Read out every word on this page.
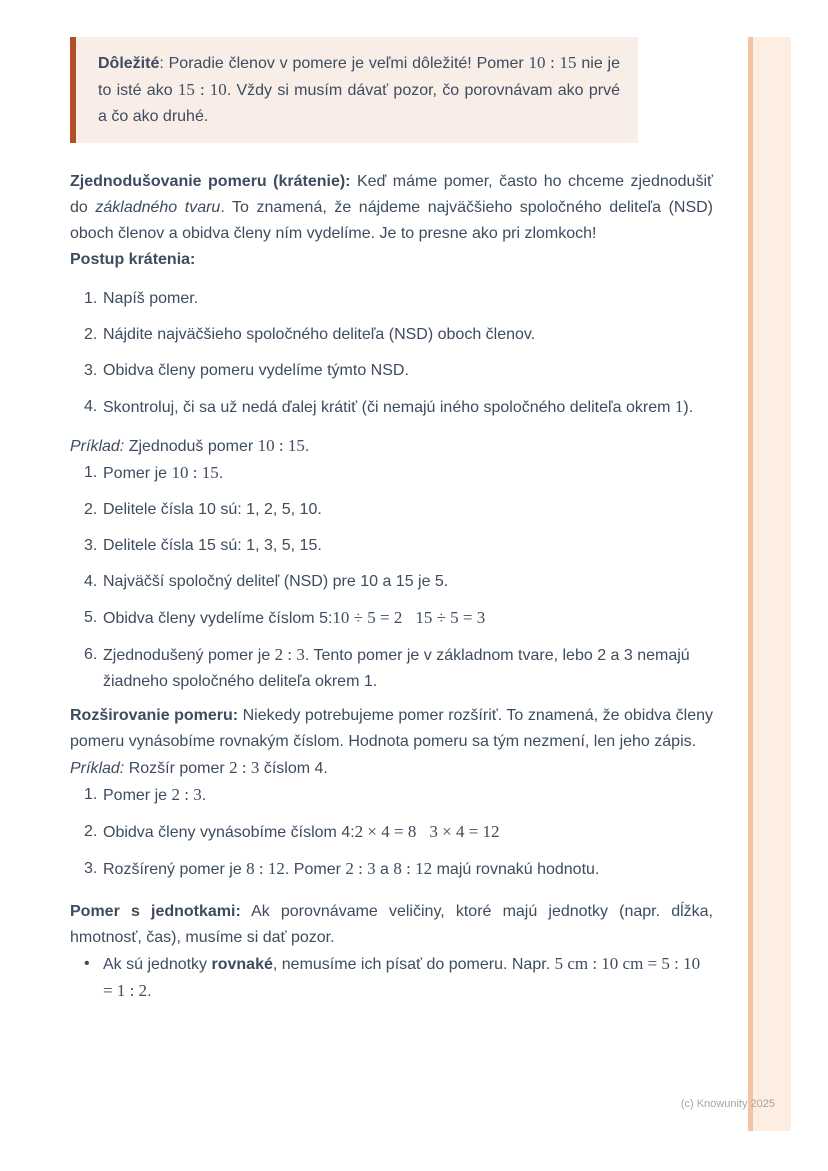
Dôležité: Poradie členov v pomere je veľmi dôležité! Pomer 10 : 15 nie je to isté ako 15 : 10. Vždy si musím dávať pozor, čo porovnávam ako prvé a čo ako druhé.

Zjednodušovanie pomeru (krátenie): Keď máme pomer, často ho chceme zjednodušiť do základného tvaru. To znamená, že nájdeme najväčšieho spoločného deliteľa (NSD) oboch členov a obidva členy ním vydelíme. Je to presne ako pri zlomkoch!

Postup krátenia:

1. Napíš pomer.
2. Nájdite najväčšieho spoločného deliteľa (NSD) oboch členov.
3. Obidva členy pomeru vydelíme týmto NSD.
4. Skontroluj, či sa už nedá ďalej krátiť (či nemajú iného spoločného deliteľa okrem 1).

Príklad: Zjednoduš pomer 10 : 15.

1. Pomer je 10 : 15.
2. Delitele čísla 10 sú: 1, 2, 5, 10.
3. Delitele čísla 15 sú: 1, 3, 5, 15.
4. Najväčší spoločný deliteľ (NSD) pre 10 a 15 je 5.
5. Obidva členy vydelíme číslom 5:10 ÷ 5 = 2 15 ÷ 5 = 3
6. Zjednodušený pomer je 2 : 3. Tento pomer je v základnom tvare, lebo 2 a 3 nemajú žiadneho spoločného deliteľa okrem 1.

Rozširovanie pomeru: Niekedy potrebujeme pomer rozšíriť. To znamená, že obidva členy pomeru vynásobíme rovnakým číslom. Hodnota pomeru sa tým nezmení, len jeho zápis.

Príklad: Rozšír pomer 2 : 3 číslom 4.

1. Pomer je 2 : 3.
2. Obidva členy vynásobíme číslom 4:2 × 4 = 8 3 × 4 = 12
3. Rozšírený pomer je 8 : 12. Pomer 2 : 3 a 8 : 12 majú rovnakú hodnotu.

Pomer s jednotkami: Ak porovnávame veličiny, ktoré majú jednotky (napr. dĺžka, hmotnosť, čas), musíme si dať pozor.

• Ak sú jednotky rovnaké, nemusíme ich písať do pomeru. Napr. 5 cm : 10 cm = 5 : 10 = 1 : 2.
(c) Knowunity 2025
